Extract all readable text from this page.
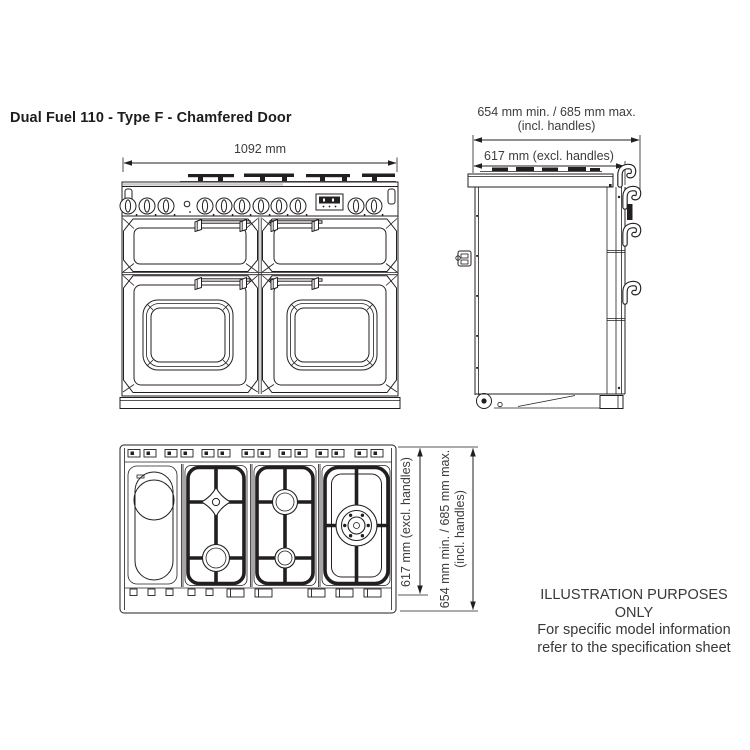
Dual Fuel 110 - Type F - Chamfered Door
1092 mm
654 mm min. / 685 mm max.
(incl. handles)
617 mm (excl. handles)
617 mm (excl. handles)	654 mm min. / 685 mm max. (incl. handles)
ILLUSTRATION PURPOSES ONLY
For specific model information
refer to the specification sheet
